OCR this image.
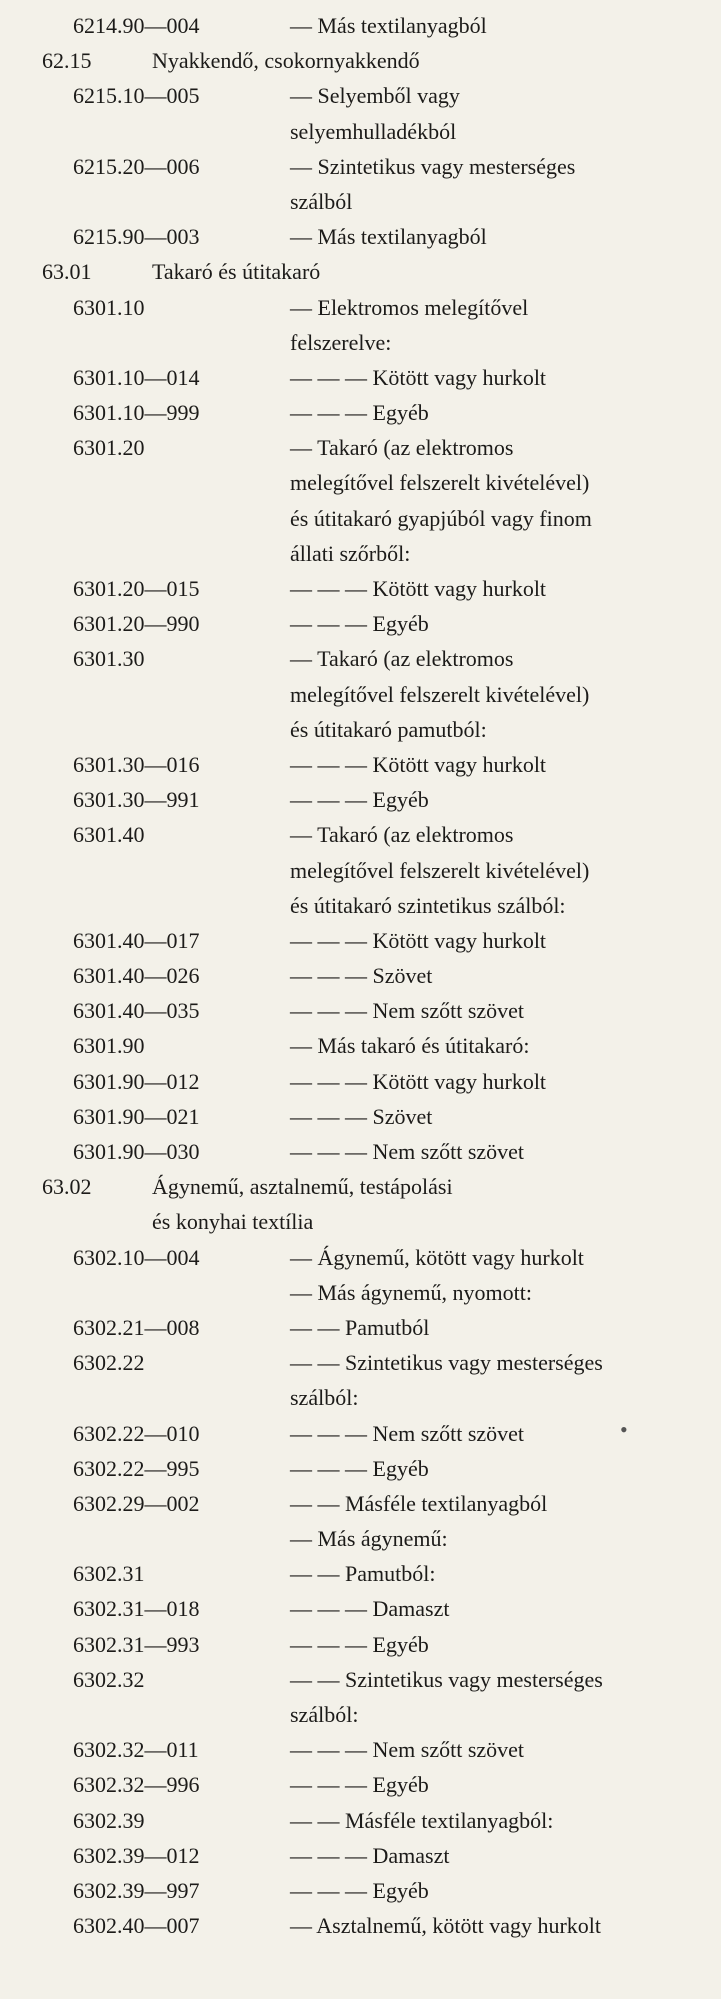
6214.90—004	— Más textilanyagból
62.15	Nyakkendő, csokornyakkendő
6215.10—005	— Selyemből vagy
selyemhulladékból
6215.20—006	— Szintetikus vagy mesterséges
szálból
6215.90—003	— Más textilanyagból
63.01	Takaró és útitakaró
6301.10	— Elektromos melegítővel
felszerelve:
6301.10—014	— — — Kötött vagy hurkolt
6301.10—999	— — — Egyéb
6301.20	— Takaró (az elektromos
melegítővel felszerelt kivételével)
és útitakaró gyapjúból vagy finom
állati szőrből:
6301.20—015	— — — Kötött vagy hurkolt
6301.20—990	— — — Egyéb
6301.30	— Takaró (az elektromos
melegítővel felszerelt kivételével)
és útitakaró pamutból:
6301.30—016	— — — Kötött vagy hurkolt
6301.30—991	— — — Egyéb
6301.40	— Takaró (az elektromos
melegítővel felszerelt kivételével)
és útitakaró szintetikus szálból:
6301.40—017	— — — Kötött vagy hurkolt
6301.40—026	— — — Szövet
6301.40—035	— — — Nem szőtt szövet
6301.90	— Más takaró és útitakaró:
6301.90—012	— — — Kötött vagy hurkolt
6301.90—021	— — — Szövet
6301.90—030	— — — Nem szőtt szövet
63.02	Ágynemű, asztalnemű, testápolási
és konyhai textília
6302.10—004	— Ágynemű, kötött vagy hurkolt
— Más ágynemű, nyomott:
6302.21—008	— — Pamutból
6302.22	— — Szintetikus vagy mesterséges
szálból:
6302.22—010	— — — Nem szőtt szövet	•
6302.22—995	— — — Egyéb
6302.29—002	— — Másféle textilanyagból
— Más ágynemű:
6302.31	— — Pamutból:
6302.31—018	— — — Damaszt
6302.31—993	— — — Egyéb
6302.32	— — Szintetikus vagy mesterséges
szálból:
6302.32—011	— — — Nem szőtt szövet
6302.32—996	— — — Egyéb
6302.39	— — Másféle textilanyagból:
6302.39—012	— — — Damaszt
6302.39—997	— — — Egyéb
6302.40—007	— Asztalnemű, kötött vagy hurkolt
